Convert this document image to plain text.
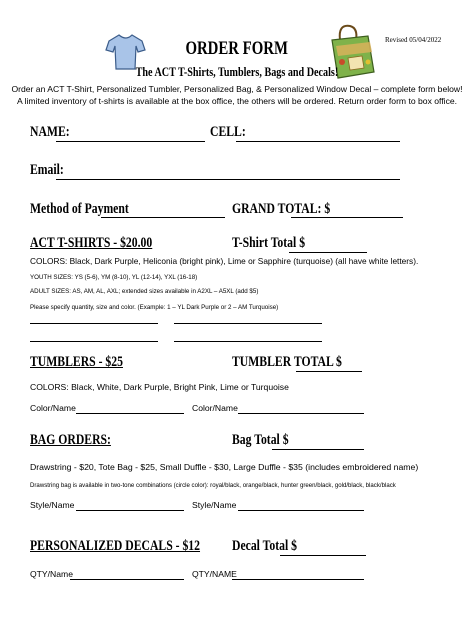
Revised 05/04/2022
ORDER FORM
The ACT T-Shirts, Tumblers, Bags and Decals!
Order an ACT T-Shirt, Personalized Tumbler, Personalized Bag, & Personalized Window Decal – complete form below!
A limited inventory of t-shirts is available at the box office, the others will be ordered. Return order form to box office.
NAME:	CELL:
Email:
Method of Payment	GRAND TOTAL: $
ACT T-SHIRTS - $20.00	T-Shirt Total $
COLORS: Black, Dark Purple, Heliconia (bright pink), Lime or Sapphire (turquoise) (all have white letters).
YOUTH SIZES: YS (5-6), YM (8-10), YL (12-14), YXL (16-18)
ADULT SIZES: AS, AM, AL, AXL; extended sizes available in A2XL – A5XL (add $5)
Please specify quantity, size and color. (Example: 1 – YL Dark Purple or 2 – AM Turquoise)
TUMBLERS - $25	TUMBLER TOTAL $
COLORS: Black, White, Dark Purple, Bright Pink, Lime or Turquoise
Color/Name	Color/Name
BAG ORDERS:	Bag Total $
Drawstring - $20, Tote Bag - $25, Small Duffle - $30, Large Duffle - $35 (includes embroidered name)
Drawstring bag is available in two-tone combinations (circle color): royal/black, orange/black, hunter green/black, gold/black, black/black
Style/Name	Style/Name
PERSONALIZED DECALS - $12 Decal Total $
QTY/Name	QTY/NAME
